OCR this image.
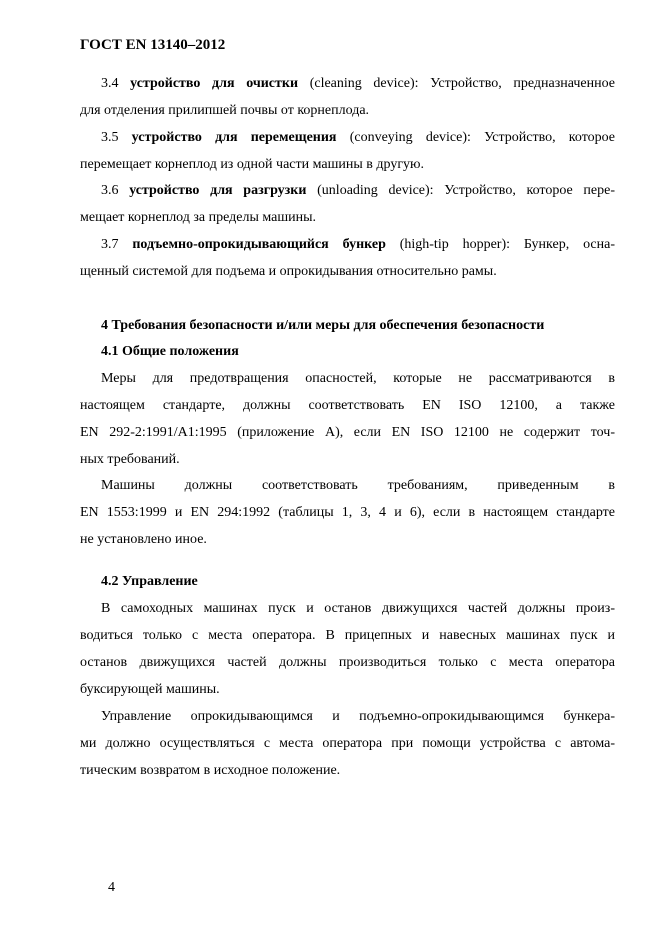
ГОСТ EN 13140–2012
3.4 устройство для очистки (cleaning device): Устройство, предназначенное
для отделения прилипшей почвы от корнеплода.
3.5 устройство для перемещения (conveying device): Устройство, которое
перемещает корнеплод из одной части машины в другую.
3.6 устройство для разгрузки (unloading device): Устройство, которое пере-
мещает корнеплод за пределы машины.
3.7 подъемно-опрокидывающийся бункер (high-tip hopper): Бункер, осна-
щенный системой для подъема и опрокидывания относительно рамы.
4 Требования безопасности и/или меры для обеспечения безопасности
4.1 Общие положения
Меры для предотвращения опасностей, которые не рассматриваются в
настоящем стандарте, должны соответствовать EN ISO 12100, а также
EN 292-2:1991/A1:1995 (приложение А), если EN ISO 12100 не содержит точ-
ных требований.
Машины должны соответствовать требованиям, приведенным в
EN 1553:1999 и EN 294:1992 (таблицы 1, 3, 4 и 6), если в настоящем стандарте
не установлено иное.
4.2 Управление
В самоходных машинах пуск и останов движущихся частей должны произ-
водиться только с места оператора. В прицепных и навесных машинах пуск и
останов движущихся частей должны производиться только с места оператора
буксирующей машины.
Управление опрокидывающимся и подъемно-опрокидывающимся бункера-
ми должно осуществляться с места оператора при помощи устройства с автома-
тическим возвратом в исходное положение.
4
